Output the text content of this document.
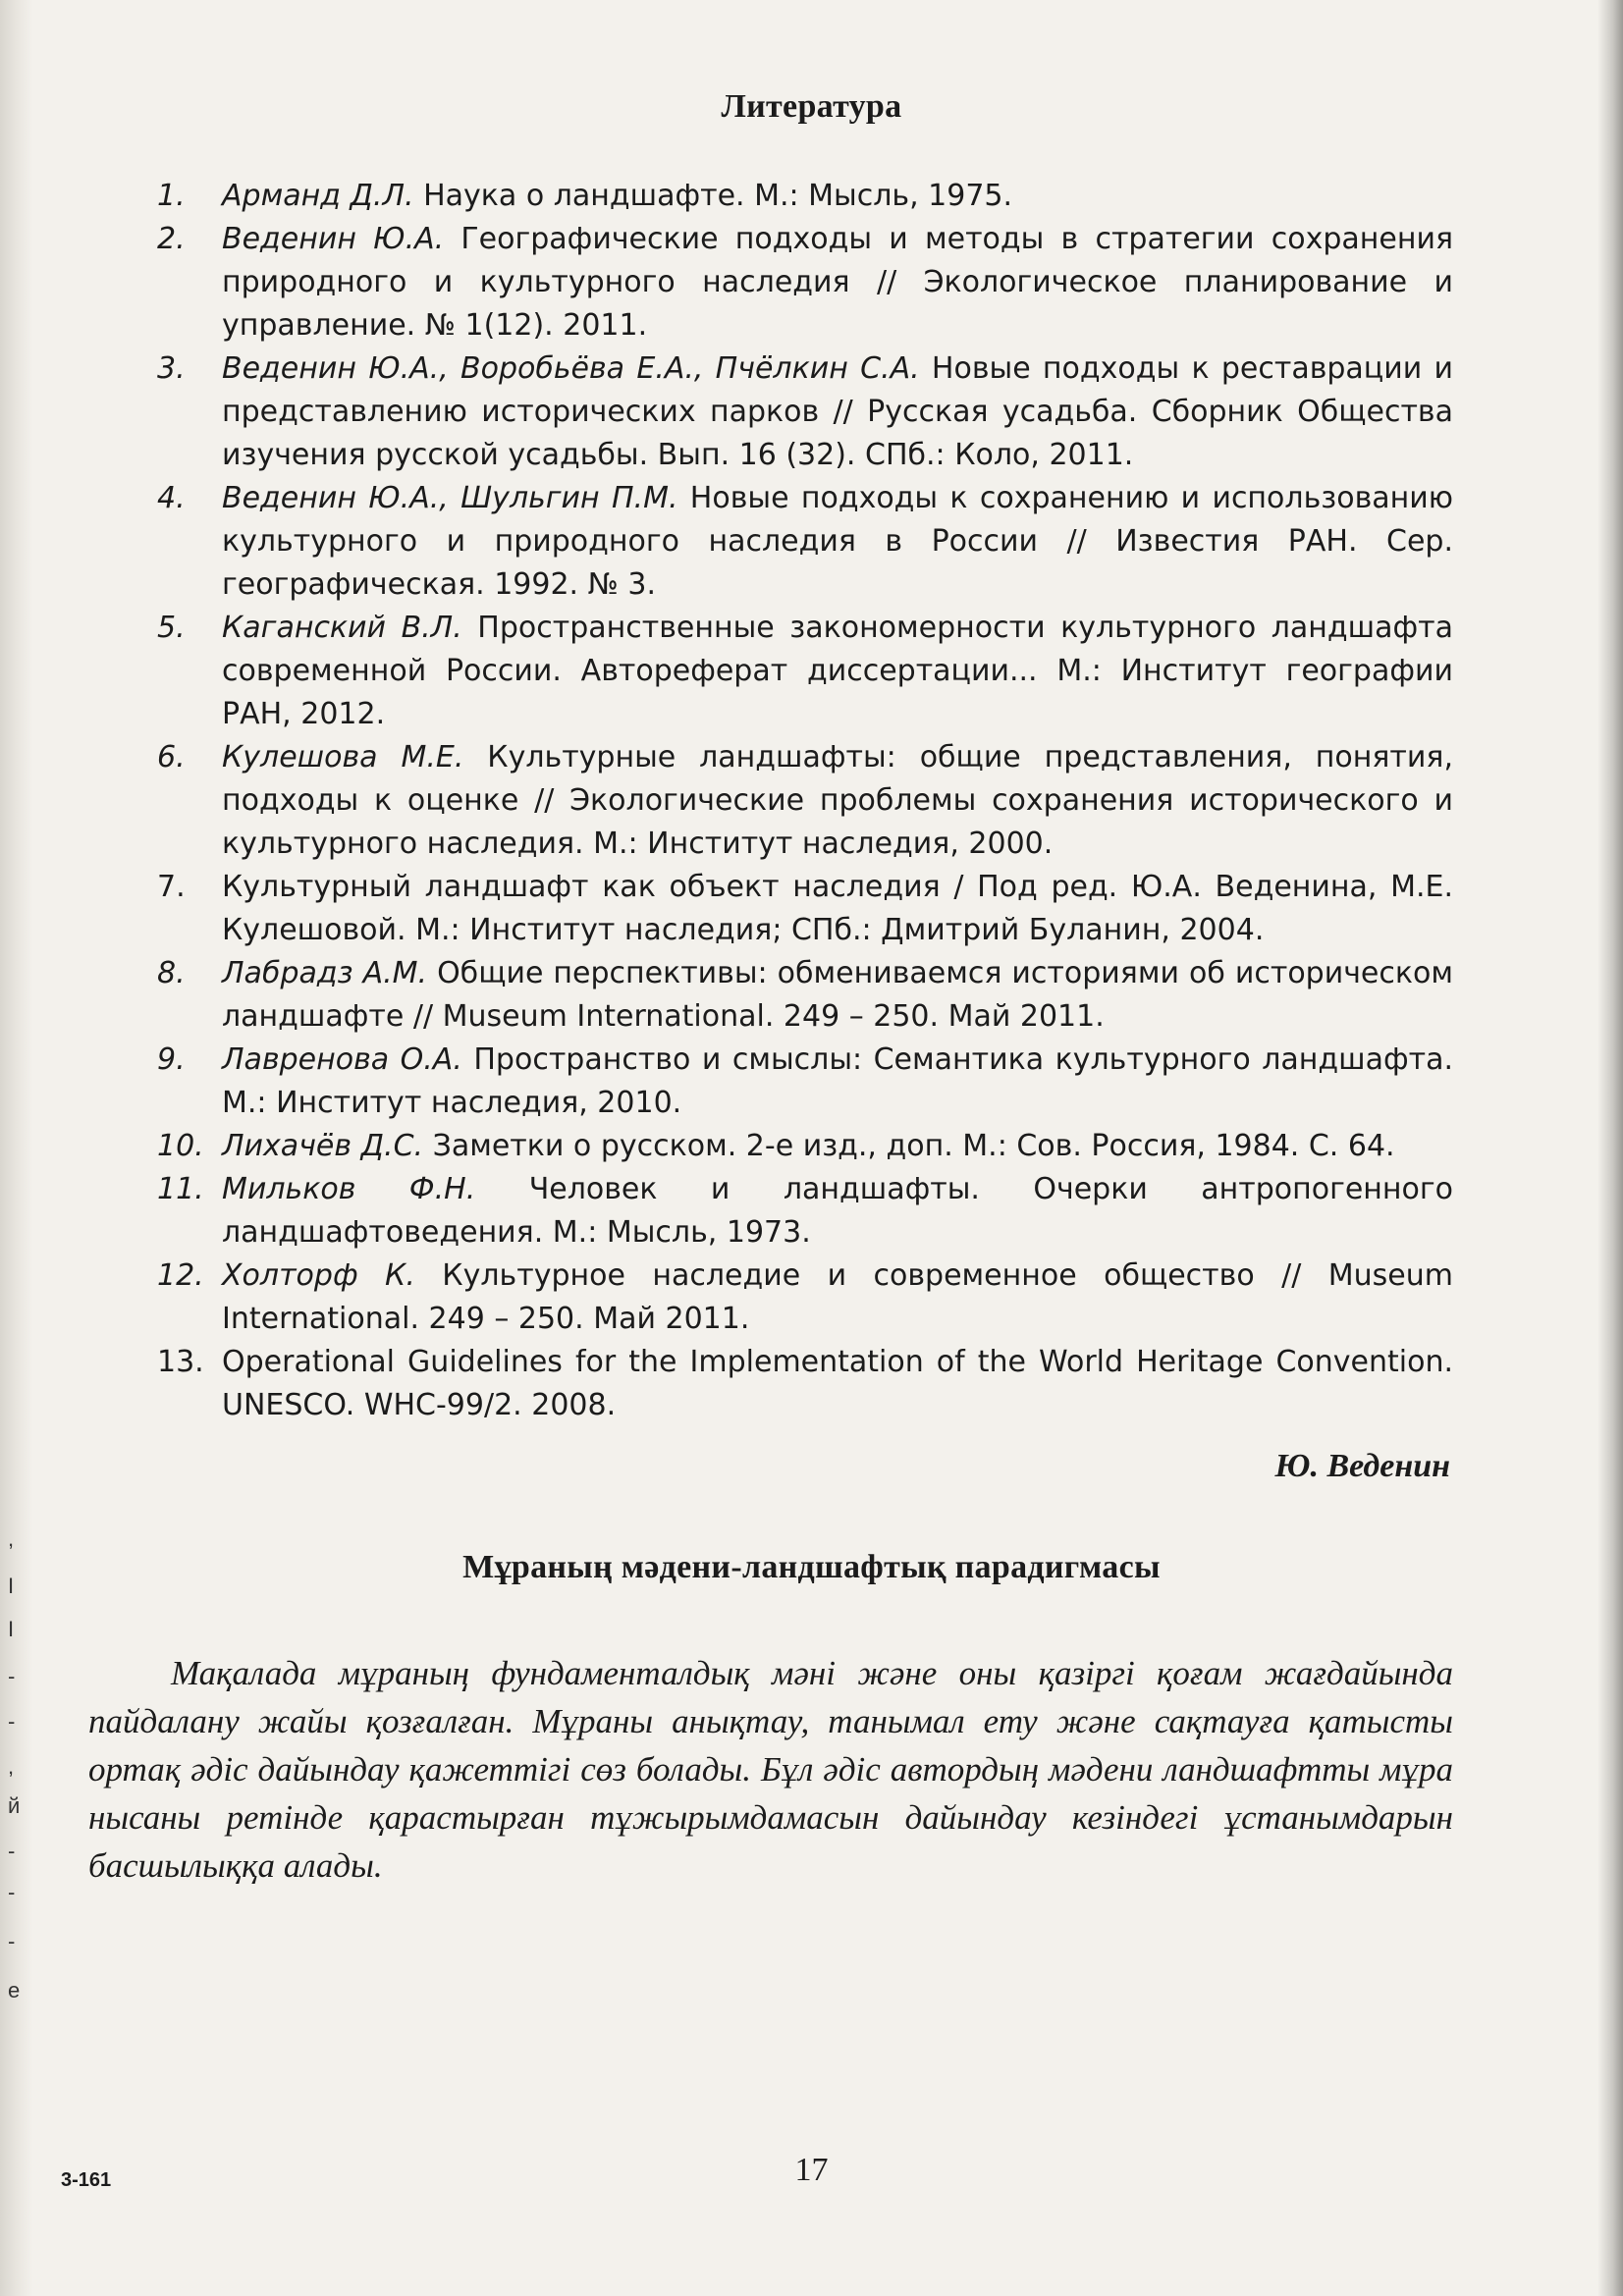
,
I
I
-
-
,
й
-
-
-
e
Литература
1.	Арманд Д.Л. Наука о ландшафте. М.: Мысль, 1975.
2.	Веденин Ю.А. Географические подходы и методы в стратегии сохранения природного и культурного наследия // Экологическое планирование и управление. № 1(12). 2011.
3.	Веденин Ю.А., Воробьёва Е.А., Пчёлкин С.А. Новые подходы к реставрации и представлению исторических парков // Русская усадьба. Сборник Общества изучения русской усадьбы. Вып. 16 (32). СПб.: Коло, 2011.
4.	Веденин Ю.А., Шульгин П.М. Новые подходы к сохранению и использованию культурного и природного наследия в России // Известия РАН. Сер. географическая. 1992. № 3.
5.	Каганский В.Л. Пространственные закономерности культурного ландшафта современной России. Автореферат диссертации... М.: Институт географии РАН, 2012.
6.	Кулешова М.Е. Культурные ландшафты: общие представления, понятия, подходы к оценке // Экологические проблемы сохранения исторического и культурного наследия. М.: Институт наследия, 2000.
7.	Культурный ландшафт как объект наследия / Под ред. Ю.А. Веденина, М.Е. Кулешовой. М.: Институт наследия; СПб.: Дмитрий Буланин, 2004.
8.	Лабрадз А.М. Общие перспективы: обмениваемся историями об историческом ландшафте // Museum International. 249 – 250. Май 2011.
9.	Лавренова О.А. Пространство и смыслы: Семантика культурного ландшафта. М.: Институт наследия, 2010.
10. Лихачёв Д.С. Заметки о русском. 2-е изд., доп. М.: Сов. Россия, 1984. С. 64.
11. Мильков Ф.Н. Человек и ландшафты. Очерки антропогенного ландшафтоведения. М.: Мысль, 1973.
12. Холторф К. Культурное наследие и современное общество // Museum International. 249 – 250. Май 2011.
13. Operational Guidelines for the Implementation of the World Heritage Convention. UNESCO. WHC-99/2. 2008.
Ю. Веденин
Мұраның мәдени-ландшафтық парадигмасы
Мақалада мұраның фундаменталдық мәні және оны қазіргі қоғам жағдайында пайдалану жайы қозғалған. Мұраны анықтау, танымал ету және сақтауға қатысты ортақ әдіс дайындау қажеттігі сөз болады. Бұл әдіс автордың мәдени ландшафтты мұра нысаны ретінде қарастырған тұжырымдамасын дайындау кезіндегі ұстанымдарын басшылыққа алады.
3-161	17
